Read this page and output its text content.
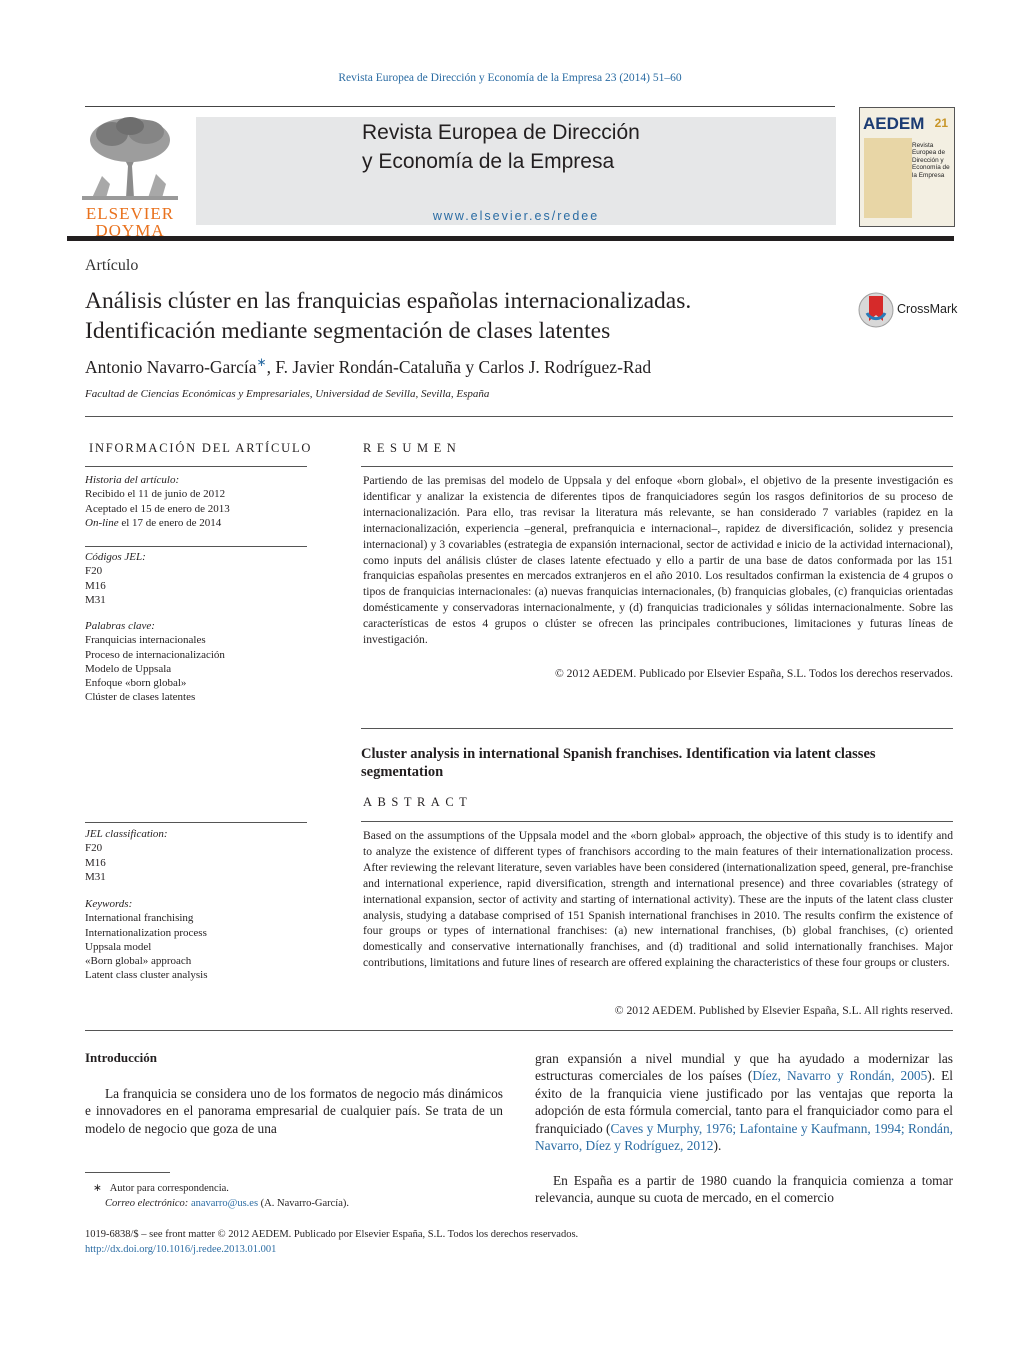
Revista Europea de Dirección y Economía de la Empresa 23 (2014) 51–60
ELSEVIER
DOYMA
Revista Europea de Dirección
y Economía de la Empresa
www.elsevier.es/redee
AEDEM 21
Revista Europea de Dirección y Economía de la Empresa
Artículo
Análisis clúster en las franquicias españolas internacionalizadas.
Identificación mediante segmentación de clases latentes
CrossMark
Antonio Navarro-García∗, F. Javier Rondán-Cataluña y Carlos J. Rodríguez-Rad
Facultad de Ciencias Económicas y Empresariales, Universidad de Sevilla, Sevilla, España
INFORMACIÓN DEL ARTÍCULO
Historia del artículo:
Recibido el 11 de junio de 2012
Aceptado el 15 de enero de 2013
On-line el 17 de enero de 2014
Códigos JEL:
F20
M16
M31
Palabras clave:
Franquicias internacionales
Proceso de internacionalización
Modelo de Uppsala
Enfoque «born global»
Clúster de clases latentes
JEL classification:
F20
M16
M31
Keywords:
International franchising
Internationalization process
Uppsala model
«Born global» approach
Latent class cluster analysis
RESUMEN
Partiendo de las premisas del modelo de Uppsala y del enfoque «born global», el objetivo de la presente investigación es identificar y analizar la existencia de diferentes tipos de franquiciadores según los rasgos definitorios de su proceso de internacionalización. Para ello, tras revisar la literatura más relevante, se han considerado 7 variables (rapidez en la internacionalización, experiencia –general, prefranquicia e internacional–, rapidez de diversificación, solidez y presencia internacional) y 3 covariables (estrategia de expansión internacional, sector de actividad e inicio de la actividad internacional), como inputs del análisis clúster de clases latente efectuado y ello a partir de una base de datos conformada por las 151 franquicias españolas presentes en mercados extranjeros en el año 2010. Los resultados confirman la existencia de 4 grupos o tipos de franquicias internacionales: (a) nuevas franquicias internacionales, (b) franquicias globales, (c) franquicias orientadas domésticamente y conservadoras internacionalmente, y (d) franquicias tradicionales y sólidas internacionalmente. Sobre las características de estos 4 grupos o clúster se ofrecen las principales contribuciones, limitaciones y futuras líneas de investigación.
© 2012 AEDEM. Publicado por Elsevier España, S.L. Todos los derechos reservados.
Cluster analysis in international Spanish franchises. Identification via latent classes segmentation
ABSTRACT
Based on the assumptions of the Uppsala model and the «born global» approach, the objective of this study is to identify and to analyze the existence of different types of franchisors according to the main features of their internationalization process. After reviewing the relevant literature, seven variables have been considered (internationalization speed, general, pre-franchise and international experience, rapid diversification, strength and international presence) and three covariables (strategy of international expansion, sector of activity and starting of international activity). These are the inputs of the latent class cluster analysis, studying a database comprised of 151 Spanish international franchises in 2010. The results confirm the existence of four groups or types of international franchises: (a) new international franchises, (b) global franchises, (c) oriented domestically and conservative internationally franchises, and (d) traditional and solid internationally franchises. Major contributions, limitations and future lines of research are offered explaining the characteristics of these four groups or clusters.
© 2012 AEDEM. Published by Elsevier España, S.L. All rights reserved.
Introducción
La franquicia se considera uno de los formatos de negocio más dinámicos e innovadores en el panorama empresarial de cualquier país. Se trata de un modelo de negocio que goza de una
gran expansión a nivel mundial y que ha ayudado a modernizar las estructuras comerciales de los países (Díez, Navarro y Rondán, 2005). El éxito de la franquicia viene justificado por las ventajas que reporta la adopción de esta fórmula comercial, tanto para el franquiciador como para el franquiciado (Caves y Murphy, 1976; Lafontaine y Kaufmann, 1994; Rondán, Navarro, Díez y Rodríguez, 2012).
En España es a partir de 1980 cuando la franquicia comienza a tomar relevancia, aunque su cuota de mercado, en el comercio
∗ Autor para correspondencia.
Correo electrónico: anavarro@us.es (A. Navarro-García).
1019-6838/$ – see front matter © 2012 AEDEM. Publicado por Elsevier España, S.L. Todos los derechos reservados.
http://dx.doi.org/10.1016/j.redee.2013.01.001
